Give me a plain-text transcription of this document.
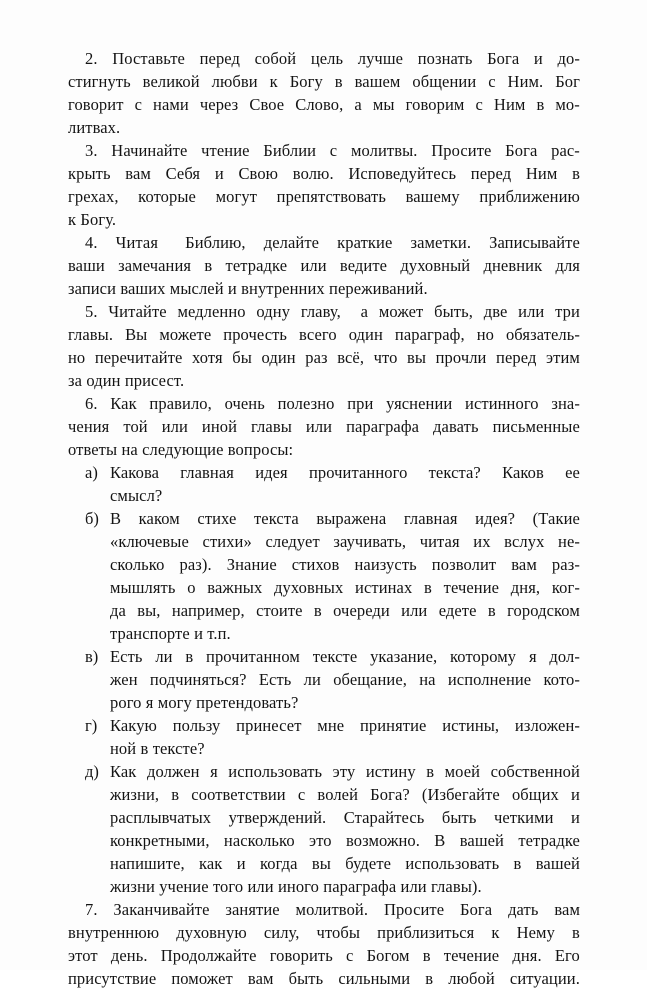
2. Поставьте перед собой цель лучше познать Бога и до-
стигнуть великой любви к Богу в вашем общении с Ним. Бог
говорит с нами через Свое Слово, а мы говорим с Ним в мо-
литвах.
3. Начинайте чтение Библии с молитвы. Просите Бога рас-
крыть вам Себя и Свою волю. Исповедуйтесь перед Ним в
грехах, которые могут препятствовать вашему приближению
к Богу.
4. Читая Библию, делайте краткие заметки. Записывайте
ваши замечания в тетрадке или ведите духовный дневник для
записи ваших мыслей и внутренних переживаний.
5. Читайте медленно одну главу, а может быть, две или три
главы. Вы можете прочесть всего один параграф, но обязатель-
но перечитайте хотя бы один раз всё, что вы прочли перед этим
за один присест.
6. Как правило, очень полезно при уяснении истинного зна-
чения той или иной главы или параграфа давать письменные
ответы на следующие вопросы:
а) Какова главная идея прочитанного текста? Каков ее
смысл?
б) В каком стихе текста выражена главная идея? (Такие
«ключевые стихи» следует заучивать, читая их вслух не-
сколько раз). Знание стихов наизусть позволит вам раз-
мышлять о важных духовных истинах в течение дня, ког-
да вы, например, стоите в очереди или едете в городском
транспорте и т.п.
в) Есть ли в прочитанном тексте указание, которому я дол-
жен подчиняться? Есть ли обещание, на исполнение кото-
рого я могу претендовать?
г) Какую пользу принесет мне принятие истины, изложен-
ной в тексте?
д) Как должен я использовать эту истину в моей собственной
жизни, в соответствии с волей Бога? (Избегайте общих и
расплывчатых утверждений. Старайтесь быть четкими и
конкретными, насколько это возможно. В вашей тетрадке
напишите, как и когда вы будете использовать в вашей
жизни учение того или иного параграфа или главы).
7. Заканчивайте занятие молитвой. Просите Бога дать вам
внутреннюю духовную силу, чтобы приблизиться к Нему в
этот день. Продолжайте говорить с Богом в течение дня. Его
присутствие поможет вам быть сильными в любой ситуации.
